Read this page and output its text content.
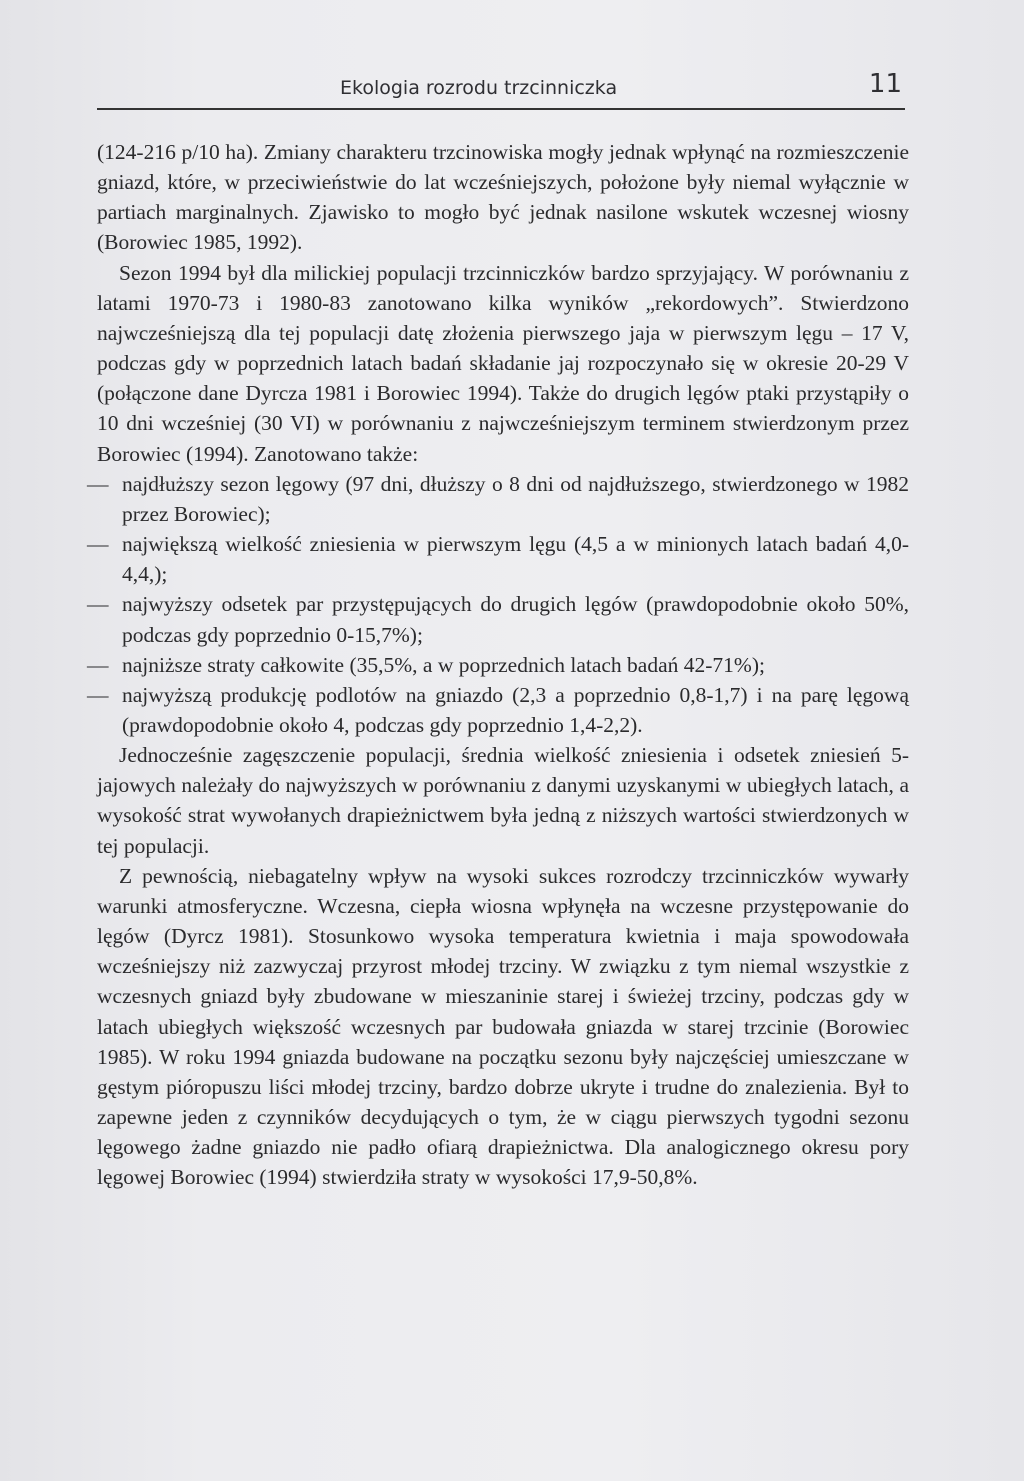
Ekologia rozrodu trzcinniczka	11

(124-216 p/10 ha). Zmiany charakteru trzcinowiska mogły jednak wpłynąć na rozmieszczenie gniazd, które, w przeciwieństwie do lat wcześniejszych, położone były niemal wyłącznie w partiach marginalnych. Zjawisko to mogło być jednak nasilone wskutek wczesnej wiosny (Borowiec 1985, 1992).

Sezon 1994 był dla milickiej populacji trzcinniczków bardzo sprzyjający. W porównaniu z latami 1970-73 i 1980-83 zanotowano kilka wyników „rekordowych”. Stwierdzono najwcześniejszą dla tej populacji datę złożenia pierwszego jaja w pierwszym lęgu – 17 V, podczas gdy w poprzednich latach badań składanie jaj rozpoczynało się w okresie 20-29 V (połączone dane Dyrcza 1981 i Borowiec 1994). Także do drugich lęgów ptaki przystąpiły o 10 dni wcześniej (30 VI) w porównaniu z najwcześniejszym terminem stwierdzonym przez Borowiec (1994). Zanotowano także:

— najdłuższy sezon lęgowy (97 dni, dłuższy o 8 dni od najdłuższego, stwierdzonego w 1982 przez Borowiec);
— największą wielkość zniesienia w pierwszym lęgu (4,5 a w minionych latach badań 4,0-4,4,);
— najwyższy odsetek par przystępujących do drugich lęgów (prawdopodobnie około 50%, podczas gdy poprzednio 0-15,7%);
— najniższe straty całkowite (35,5%, a w poprzednich latach badań 42-71%);
— najwyższą produkcję podlotów na gniazdo (2,3 a poprzednio 0,8-1,7) i na parę lęgową (prawdopodobnie około 4, podczas gdy poprzednio 1,4-2,2).

Jednocześnie zagęszczenie populacji, średnia wielkość zniesienia i odsetek zniesień 5-jajowych należały do najwyższych w porównaniu z danymi uzyskanymi w ubiegłych latach, a wysokość strat wywołanych drapieżnictwem była jedną z niższych wartości stwierdzonych w tej populacji.

Z pewnością, niebagatelny wpływ na wysoki sukces rozrodczy trzcinniczków wywarły warunki atmosferyczne. Wczesna, ciepła wiosna wpłynęła na wczesne przystępowanie do lęgów (Dyrcz 1981). Stosunkowo wysoka temperatura kwietnia i maja spowodowała wcześniejszy niż zazwyczaj przyrost młodej trzciny. W związku z tym niemal wszystkie z wczesnych gniazd były zbudowane w mieszaninie starej i świeżej trzciny, podczas gdy w latach ubiegłych większość wczesnych par budowała gniazda w starej trzcinie (Borowiec 1985). W roku 1994 gniazda budowane na początku sezonu były najczęściej umieszczane w gęstym pióropuszu liści młodej trzciny, bardzo dobrze ukryte i trudne do znalezienia. Był to zapewne jeden z czynników decydujących o tym, że w ciągu pierwszych tygodni sezonu lęgowego żadne gniazdo nie padło ofiarą drapieżnictwa. Dla analogicznego okresu pory lęgowej Borowiec (1994) stwierdziła straty w wysokości 17,9-50,8%.
